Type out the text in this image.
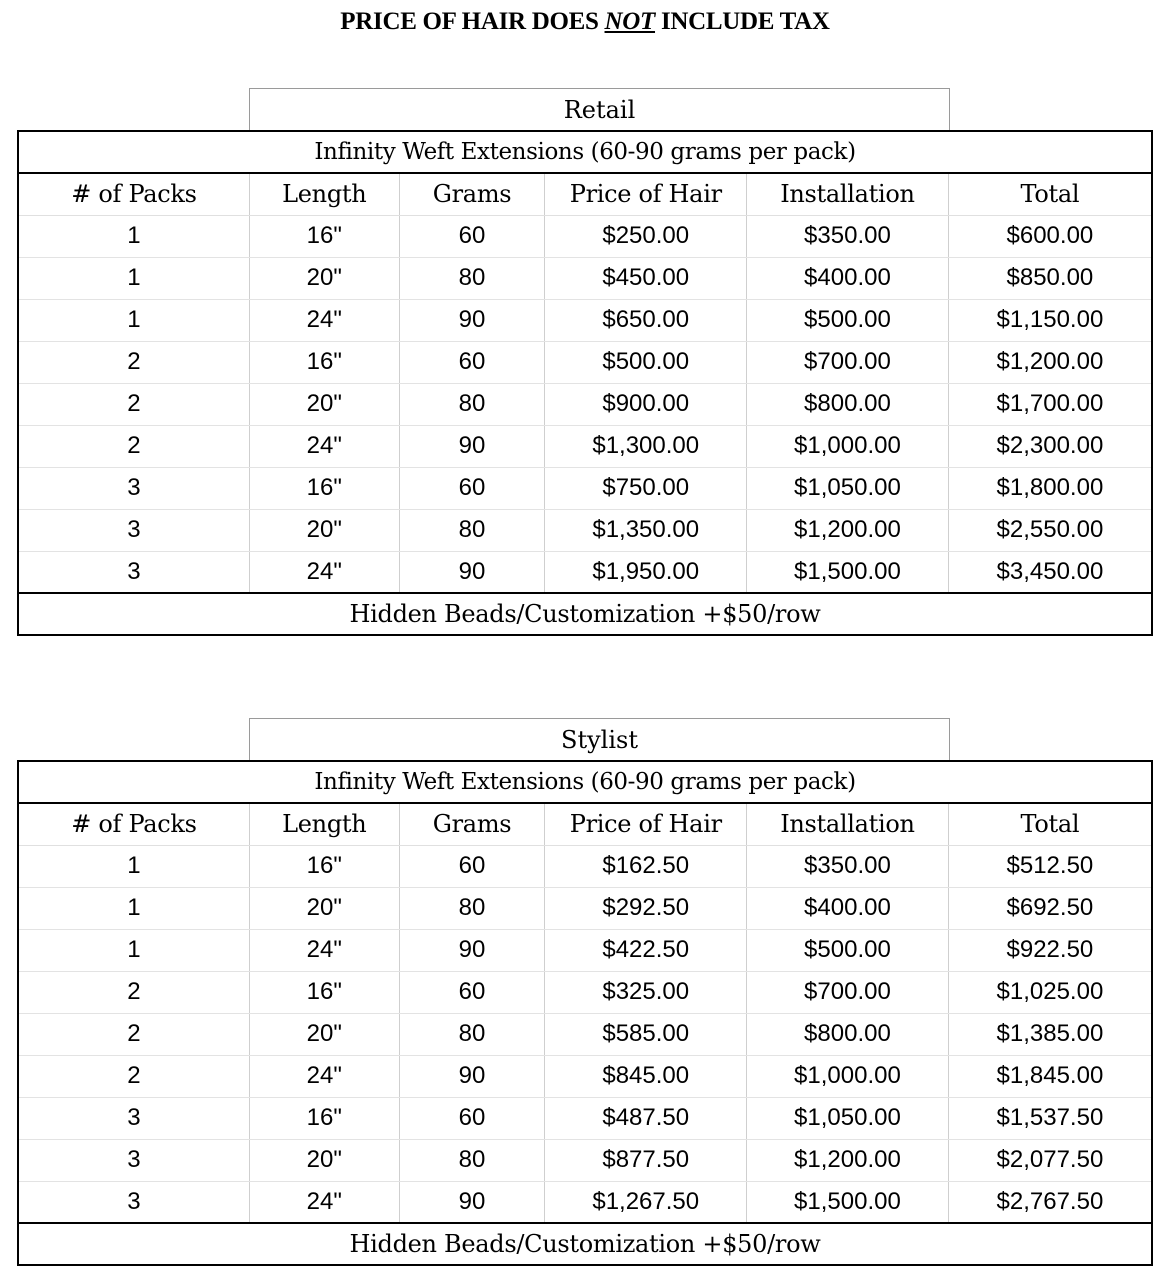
PRICE OF HAIR DOES NOT INCLUDE TAX
Retail
Infinity Weft Extensions (60-90 grams per pack)					
# of Packs	Length	Grams	Price of Hair	Installation	Total
1	16"	60	$250.00	$350.00	$600.00
1	20"	80	$450.00	$400.00	$850.00
1	24"	90	$650.00	$500.00	$1,150.00
2	16"	60	$500.00	$700.00	$1,200.00
2	20"	80	$900.00	$800.00	$1,700.00
2	24"	90	$1,300.00	$1,000.00	$2,300.00
3	16"	60	$750.00	$1,050.00	$1,800.00
3	20"	80	$1,350.00	$1,200.00	$2,550.00
3	24"	90	$1,950.00	$1,500.00	$3,450.00
Hidden Beads/Customization +$50/row					
Stylist
Infinity Weft Extensions (60-90 grams per pack)					
# of Packs	Length	Grams	Price of Hair	Installation	Total
1	16"	60	$162.50	$350.00	$512.50
1	20"	80	$292.50	$400.00	$692.50
1	24"	90	$422.50	$500.00	$922.50
2	16"	60	$325.00	$700.00	$1,025.00
2	20"	80	$585.00	$800.00	$1,385.00
2	24"	90	$845.00	$1,000.00	$1,845.00
3	16"	60	$487.50	$1,050.00	$1,537.50
3	20"	80	$877.50	$1,200.00	$2,077.50
3	24"	90	$1,267.50	$1,500.00	$2,767.50
Hidden Beads/Customization +$50/row					
